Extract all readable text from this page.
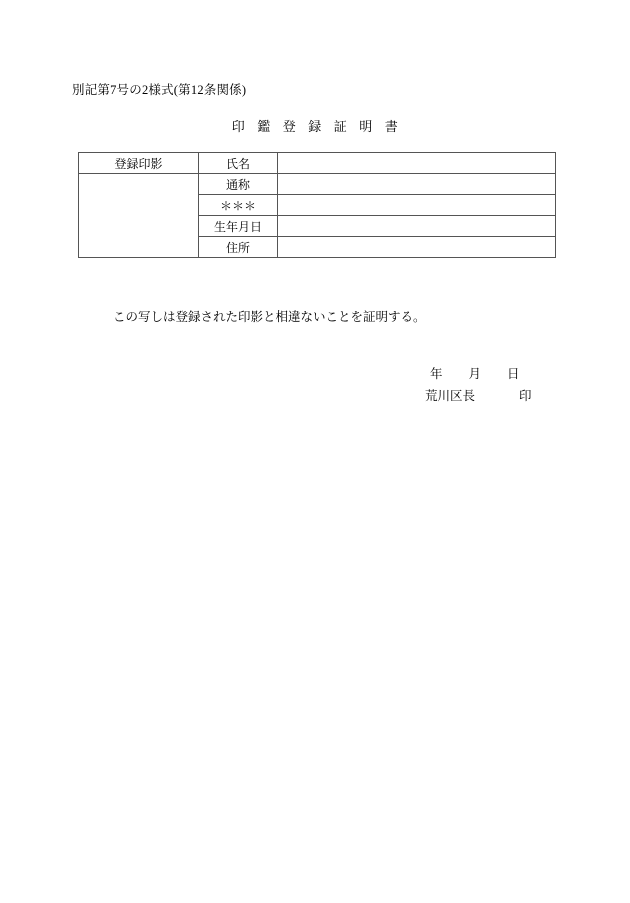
別記第7号の2様式(第12条関係)
印 鑑 登 録 証 明 書
登録印影	氏名	
	通称	
	＊＊＊	
	生年月日	
	住所	
この写しは登録された印影と相違ないことを証明する。
年 月 日
荒川区長	印
